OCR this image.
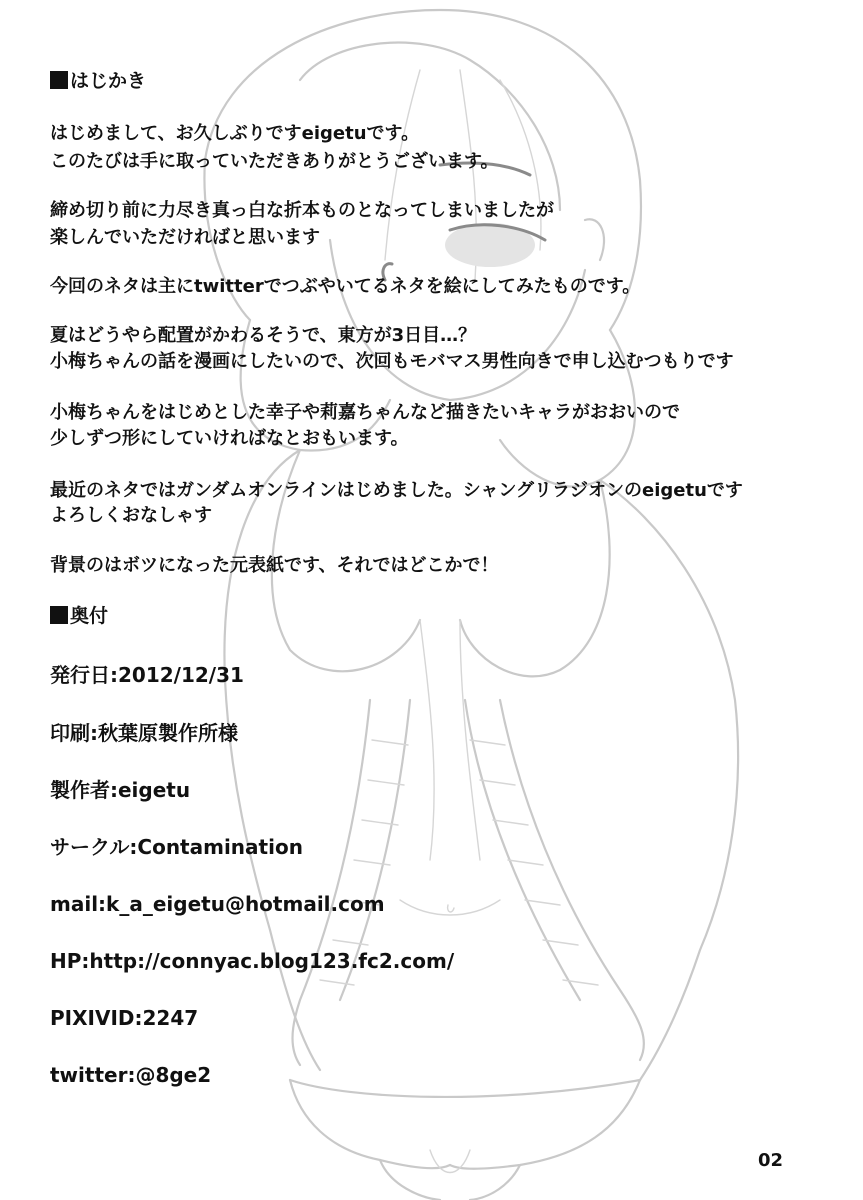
はじかき
はじめまして、お久しぶりですeigetuです。
このたびは手に取っていただきありがとうございます。
締め切り前に力尽き真っ白な折本ものとなってしまいましたが
楽しんでいただければと思います
今回のネタは主にtwitterでつぶやいてるネタを絵にしてみたものです。
夏はどうやら配置がかわるそうで、東方が3日目…？
小梅ちゃんの話を漫画にしたいので、次回もモバマス男性向きで申し込むつもりです
小梅ちゃんをはじめとした幸子や莉嘉ちゃんなど描きたいキャラがおおいので
少しずつ形にしていければなとおもいます。
最近のネタではガンダムオンラインはじめました。シャングリラジオンのeigetuです
よろしくおなしゃす
背景のはボツになった元表紙です、それではどこかで！
奥付
発行日:2012/12/31
印刷:秋葉原製作所様
製作者:eigetu
サークル:Contamination
mail:k_a_eigetu@hotmail.com
HP:http://connyac.blog123.fc2.com/
PIXIVID:2247
twitter:@8ge2
02
